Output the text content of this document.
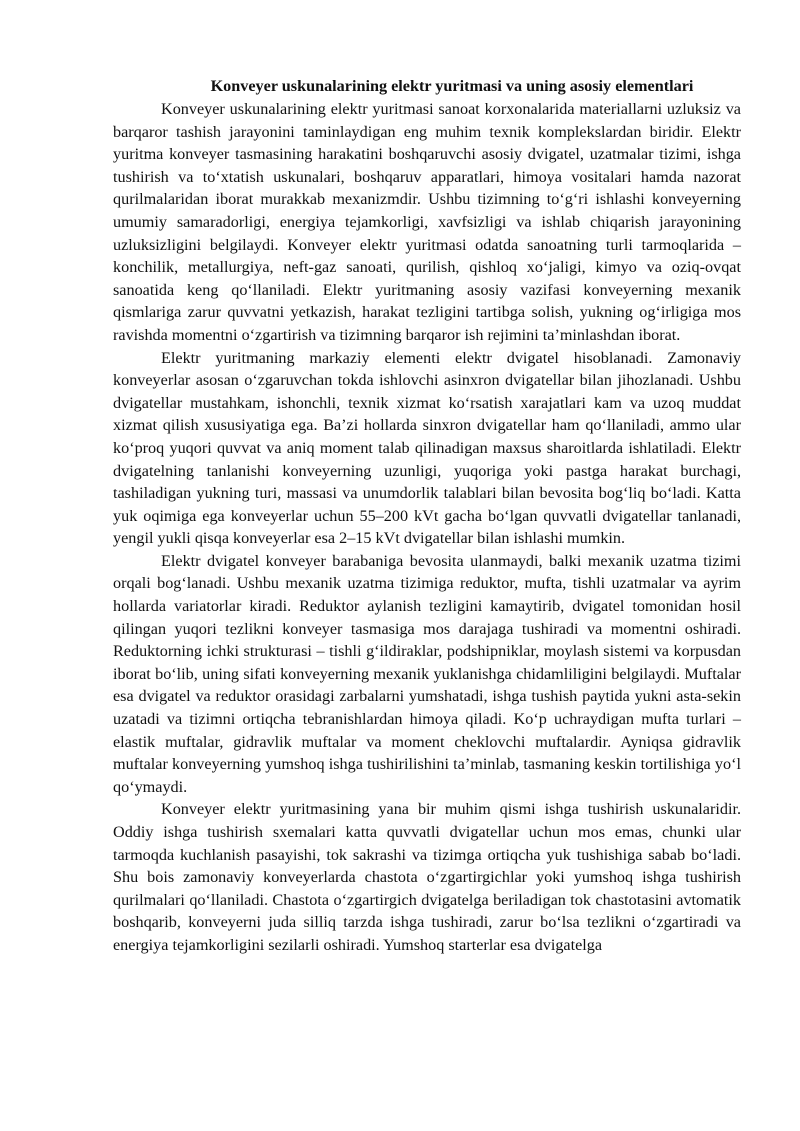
Konveyer uskunalarining elektr yuritmasi va uning asosiy elementlari

Konveyer uskunalarining elektr yuritmasi sanoat korxonalarida materiallarni uzluksiz va barqaror tashish jarayonini taminlaydigan eng muhim texnik komplekslardan biridir. Elektr yuritma konveyer tasmasining harakatini boshqaruvchi asosiy dvigatel, uzatmalar tizimi, ishga tushirish va to‘xtatish uskunalari, boshqaruv apparatlari, himoya vositalari hamda nazorat qurilmalaridan iborat murakkab mexanizmdir. Ushbu tizimning to‘g‘ri ishlashi konveyerning umumiy samaradorligi, energiya tejamkorligi, xavfsizligi va ishlab chiqarish jarayonining uzluksizligini belgilaydi. Konveyer elektr yuritmasi odatda sanoatning turli tarmoqlarida – konchilik, metallurgiya, neft-gaz sanoati, qurilish, qishloq xo‘jaligi, kimyo va oziq-ovqat sanoatida keng qo‘llaniladi. Elektr yuritmaning asosiy vazifasi konveyerning mexanik qismlariga zarur quvvatni yetkazish, harakat tezligini tartibga solish, yukning og‘irligiga mos ravishda momentni o‘zgartirish va tizimning barqaror ish rejimini ta’minlashdan iborat.

Elektr yuritmaning markaziy elementi elektr dvigatel hisoblanadi. Zamonaviy konveyerlar asosan o‘zgaruvchan tokda ishlovchi asinxron dvigatellar bilan jihozlanadi. Ushbu dvigatellar mustahkam, ishonchli, texnik xizmat ko‘rsatish xarajatlari kam va uzoq muddat xizmat qilish xususiyatiga ega. Ba’zi hollarda sinxron dvigatellar ham qo‘llaniladi, ammo ular ko‘proq yuqori quvvat va aniq moment talab qilinadigan maxsus sharoitlarda ishlatiladi. Elektr dvigatelning tanlanishi konveyerning uzunligi, yuqoriga yoki pastga harakat burchagi, tashiladigan yukning turi, massasi va unumdorlik talablari bilan bevosita bog‘liq bo‘ladi. Katta yuk oqimiga ega konveyerlar uchun 55–200 kVt gacha bo‘lgan quvvatli dvigatellar tanlanadi, yengil yukli qisqa konveyerlar esa 2–15 kVt dvigatellar bilan ishlashi mumkin.

Elektr dvigatel konveyer barabaniga bevosita ulanmaydi, balki mexanik uzatma tizimi orqali bog‘lanadi. Ushbu mexanik uzatma tizimiga reduktor, mufta, tishli uzatmalar va ayrim hollarda variatorlar kiradi. Reduktor aylanish tezligini kamaytirib, dvigatel tomonidan hosil qilingan yuqori tezlikni konveyer tasmasiga mos darajaga tushiradi va momentni oshiradi. Reduktorning ichki strukturasi – tishli g‘ildiraklar, podshipniklar, moylash sistemi va korpusdan iborat bo‘lib, uning sifati konveyerning mexanik yuklanishga chidamliligini belgilaydi. Muftalar esa dvigatel va reduktor orasidagi zarbalarni yumshatadi, ishga tushish paytida yukni asta-sekin uzatadi va tizimni ortiqcha tebranishlardan himoya qiladi. Ko‘p uchraydigan mufta turlari – elastik muftalar, gidravlik muftalar va moment cheklovchi muftalardir. Ayniqsa gidravlik muftalar konveyerning yumshoq ishga tushirilishini ta’minlab, tasmaning keskin tortilishiga yo‘l qo‘ymaydi.

Konveyer elektr yuritmasining yana bir muhim qismi ishga tushirish uskunalaridir. Oddiy ishga tushirish sxemalari katta quvvatli dvigatellar uchun mos emas, chunki ular tarmoqda kuchlanish pasayishi, tok sakrashi va tizimga ortiqcha yuk tushishiga sabab bo‘ladi. Shu bois zamonaviy konveyerlarda chastota o‘zgartirgichlar yoki yumshoq ishga tushirish qurilmalari qo‘llaniladi. Chastota o‘zgartirgich dvigatelga beriladigan tok chastotasini avtomatik boshqarib, konveyerni juda silliq tarzda ishga tushiradi, zarur bo‘lsa tezlikni o‘zgartiradi va energiya tejamkorligini sezilarli oshiradi. Yumshoq starterlar esa dvigatelga
